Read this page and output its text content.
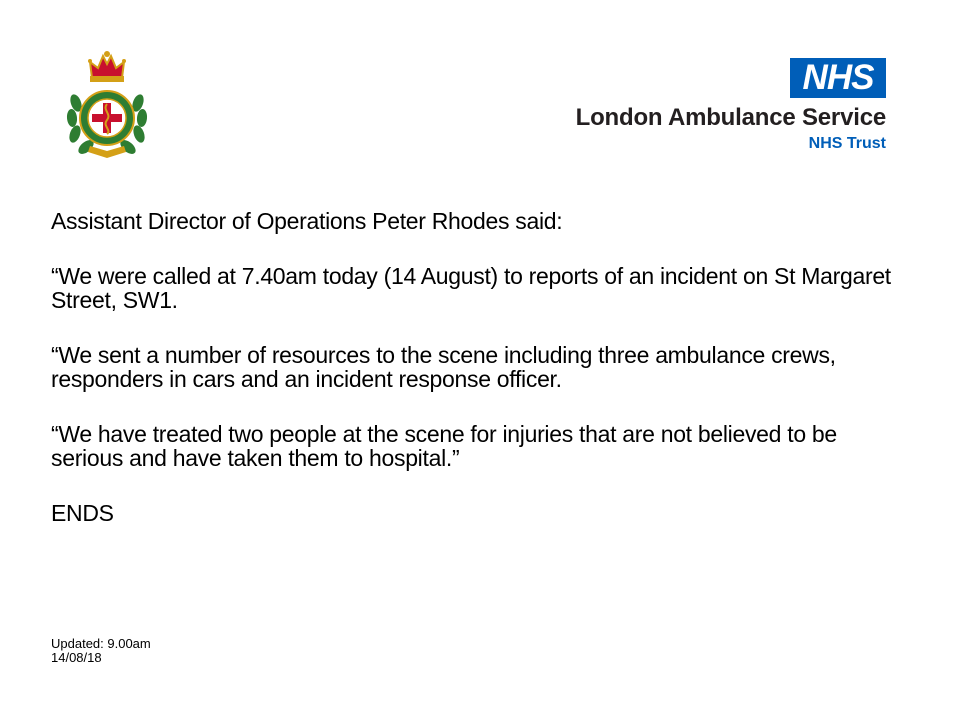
NHS
London Ambulance Service
NHS Trust

Assistant Director of Operations Peter Rhodes said:

“We were called at 7.40am today (14 August) to reports of an incident on St Margaret Street, SW1.

“We sent a number of resources to the scene including three ambulance crews, responders in cars and an incident response officer.

“We have treated two people at the scene for injuries that are not believed to be serious and have taken them to hospital.”

ENDS

Updated: 9.00am
14/08/18
